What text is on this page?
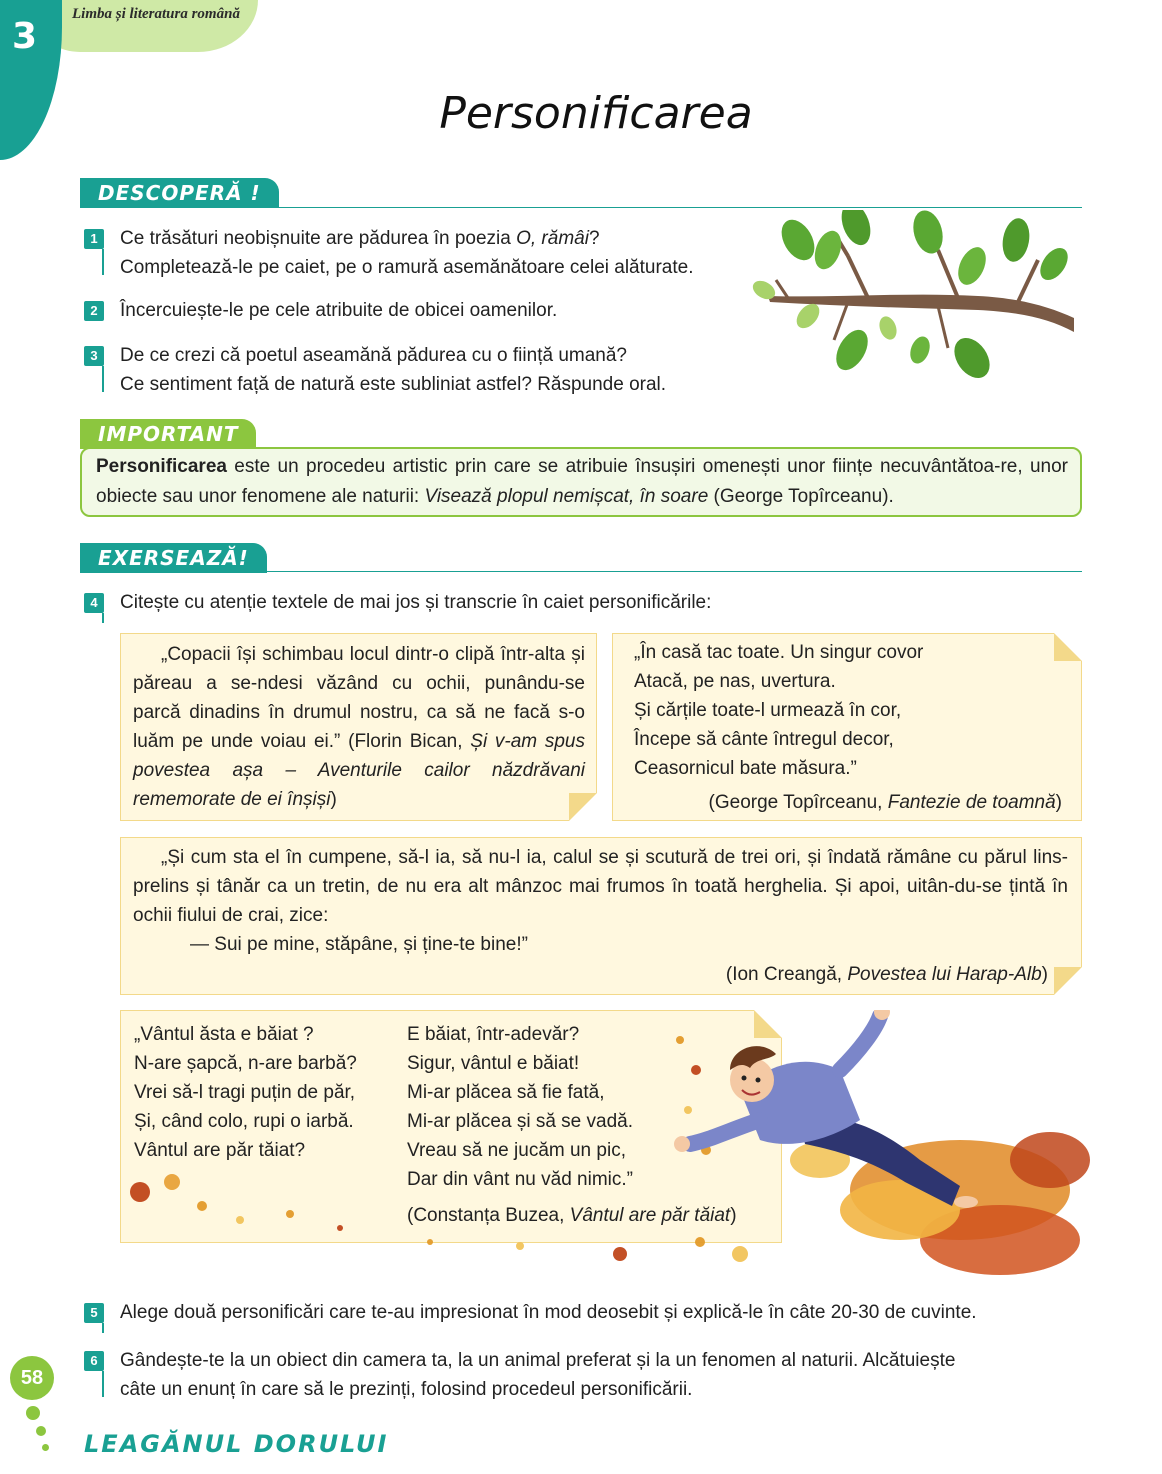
Limba și literatura română
3
Personificarea
DESCOPERĂ !
1	Ce trăsături neobișnuite are pădurea în poezia O, rămâi?
Completează-le pe caiet, pe o ramură asemănătoare celei alăturate.
2	Încercuiește-le pe cele atribuite de obicei oamenilor.
3	De ce crezi că poetul aseamănă pădurea cu o ființă umană?
Ce sentiment față de natură este subliniat astfel? Răspunde oral.
IMPORTANT
Personificarea este un procedeu artistic prin care se atribuie însușiri omenești unor ființe necuvântătoa-re, unor obiecte sau unor fenomene ale naturii: Visează plopul nemișcat, în soare (George Topîrceanu).
EXERSEAZĂ!
4	Citește cu atenție textele de mai jos și transcrie în caiet personificările:
„Copacii își schimbau locul dintr-o clipă într-alta și păreau a se-ndesi văzând cu ochii, punându-se parcă dinadins în drumul nostru, ca să ne facă s-o luăm pe unde voiau ei.” (Florin Bican, Și v-am spus povestea așa – Aventurile cailor năzdrăvani rememorate de ei înșiși)
„În casă tac toate. Un singur covor
Atacă, pe nas, uvertura.
Și cărțile toate-l urmează în cor,
Începe să cânte întregul decor,
Ceasornicul bate măsura.”
(George Topîrceanu, Fantezie de toamnă)
„Și cum sta el în cumpene, să-l ia, să nu-l ia, calul se și scutură de trei ori, și îndată rămâne cu părul lins-prelins și tânăr ca un tretin, de nu era alt mânzoc mai frumos în toată herghelia. Și apoi, uitân-du-se țintă în ochii fiului de crai, zice:
— Sui pe mine, stăpâne, și ține-te bine!”
(Ion Creangă, Povestea lui Harap-Alb)
„Vântul ăsta e băiat ?
N-are șapcă, n-are barbă?
Vrei să-l tragi puțin de păr,
Și, când colo, rupi o iarbă.
Vântul are păr tăiat?
E băiat, într-adevăr?
Sigur, vântul e băiat!
Mi-ar plăcea să fie fată,
Mi-ar plăcea și să se vadă.
Vreau să ne jucăm un pic,
Dar din vânt nu văd nimic.”
(Constanța Buzea, Vântul are păr tăiat)
5	Alege două personificări care te-au impresionat în mod deosebit și explică-le în câte 20-30 de cuvinte.
6	Gândește-te la un obiect din camera ta, la un animal preferat și la un fenomen al naturii. Alcătuiește
câte un enunț în care să le prezinți, folosind procedeul personificării.
58
LEAGĂNUL DORULUI
